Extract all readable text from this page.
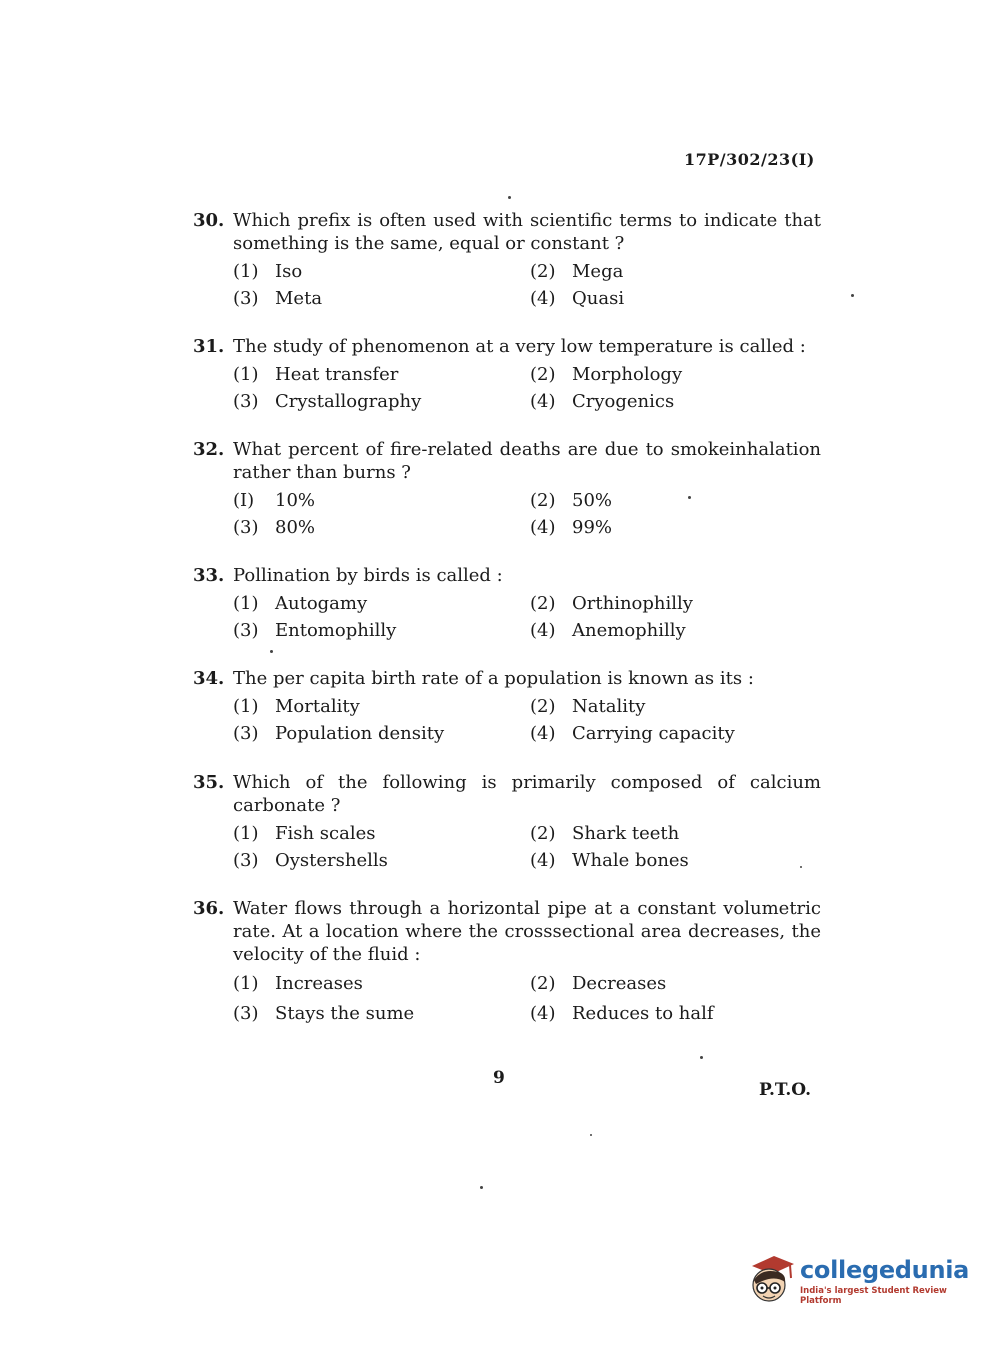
17P/302/23(I)
30. Which prefix is often used with scientific terms to indicate that something is the same, equal or constant ?
(1) Iso	(2) Mega
(3) Meta	(4) Quasi
31. The study of phenomenon at a very low temperature is called :
(1) Heat transfer	(2) Morphology
(3) Crystallography	(4) Cryogenics
32. What percent of fire-related deaths are due to smokeinhalation rather than burns ?
(I)	10%	(2) 50%
(3) 80%	(4) 99%
33. Pollination by birds is called :
(1) Autogamy	(2) Orthinophilly
(3) Entomophilly	(4) Anemophilly
34. The per capita birth rate of a population is known as its :
(1) Mortality	(2) Natality
(3) Population density	(4) Carrying capacity
35. Which of the following is primarily composed of calcium carbonate ?
(1) Fish scales	(2) Shark teeth
(3) Oystershells	(4) Whale bones
36. Water flows through a horizontal pipe at a constant volumetric rate. At a location where the crosssectional area decreases, the velocity of the fluid :
(1) Increases	(2) Decreases
(3) Stays the sume	(4) Reduces to half
9
P.T.O.
collegedunia
India's largest Student Review Platform
